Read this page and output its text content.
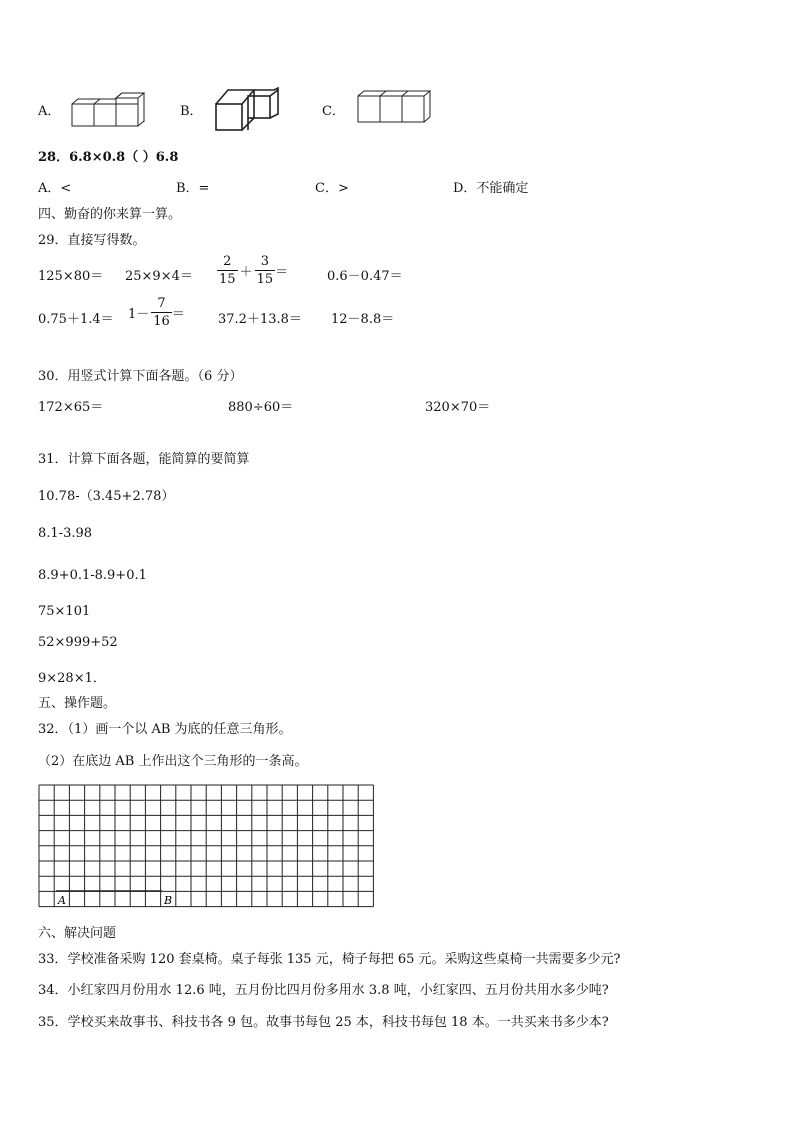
A．	B．	C．
28．6.8×0.8（ ）6.8
A．<	B．=	C．>	D．不能确定
四、勤奋的你来算一算。
29．直接写得数。
$125\times 80= 25\times 9\times 4= \frac{2}{15} + \frac{3}{15}$ ＝	0.6－0.47＝
$0.75+1.4= 1- \frac{7}{16}$ ＝	37.2＋13.8＝ 12－8.8＝
30．用竖式计算下面各题。（6 分）
172×65＝	880÷60＝	320×70＝
31．计算下面各题，能简算的要简算
10.78-（3.45+2.78）
8.1-3.98
8.9+0.1-8.9+0.1
75×101
52×999+52
9×28×1．
五、操作题。
32．（1）画一个以 AB 为底的任意三角形。
（2）在底边 AB 上作出这个三角形的一条高。
A	B
六、解决问题
33．学校准备采购 120 套桌椅。桌子每张 135 元，椅子每把 65 元。采购这些桌椅一共需要多少元?
34．小红家四月份用水 12.6 吨，五月份比四月份多用水 3.8 吨，小红家四、五月份共用水多少吨?
35．学校买来故事书、科技书各 9 包。故事书每包 25 本，科技书每包 18 本。一共买来书多少本?
